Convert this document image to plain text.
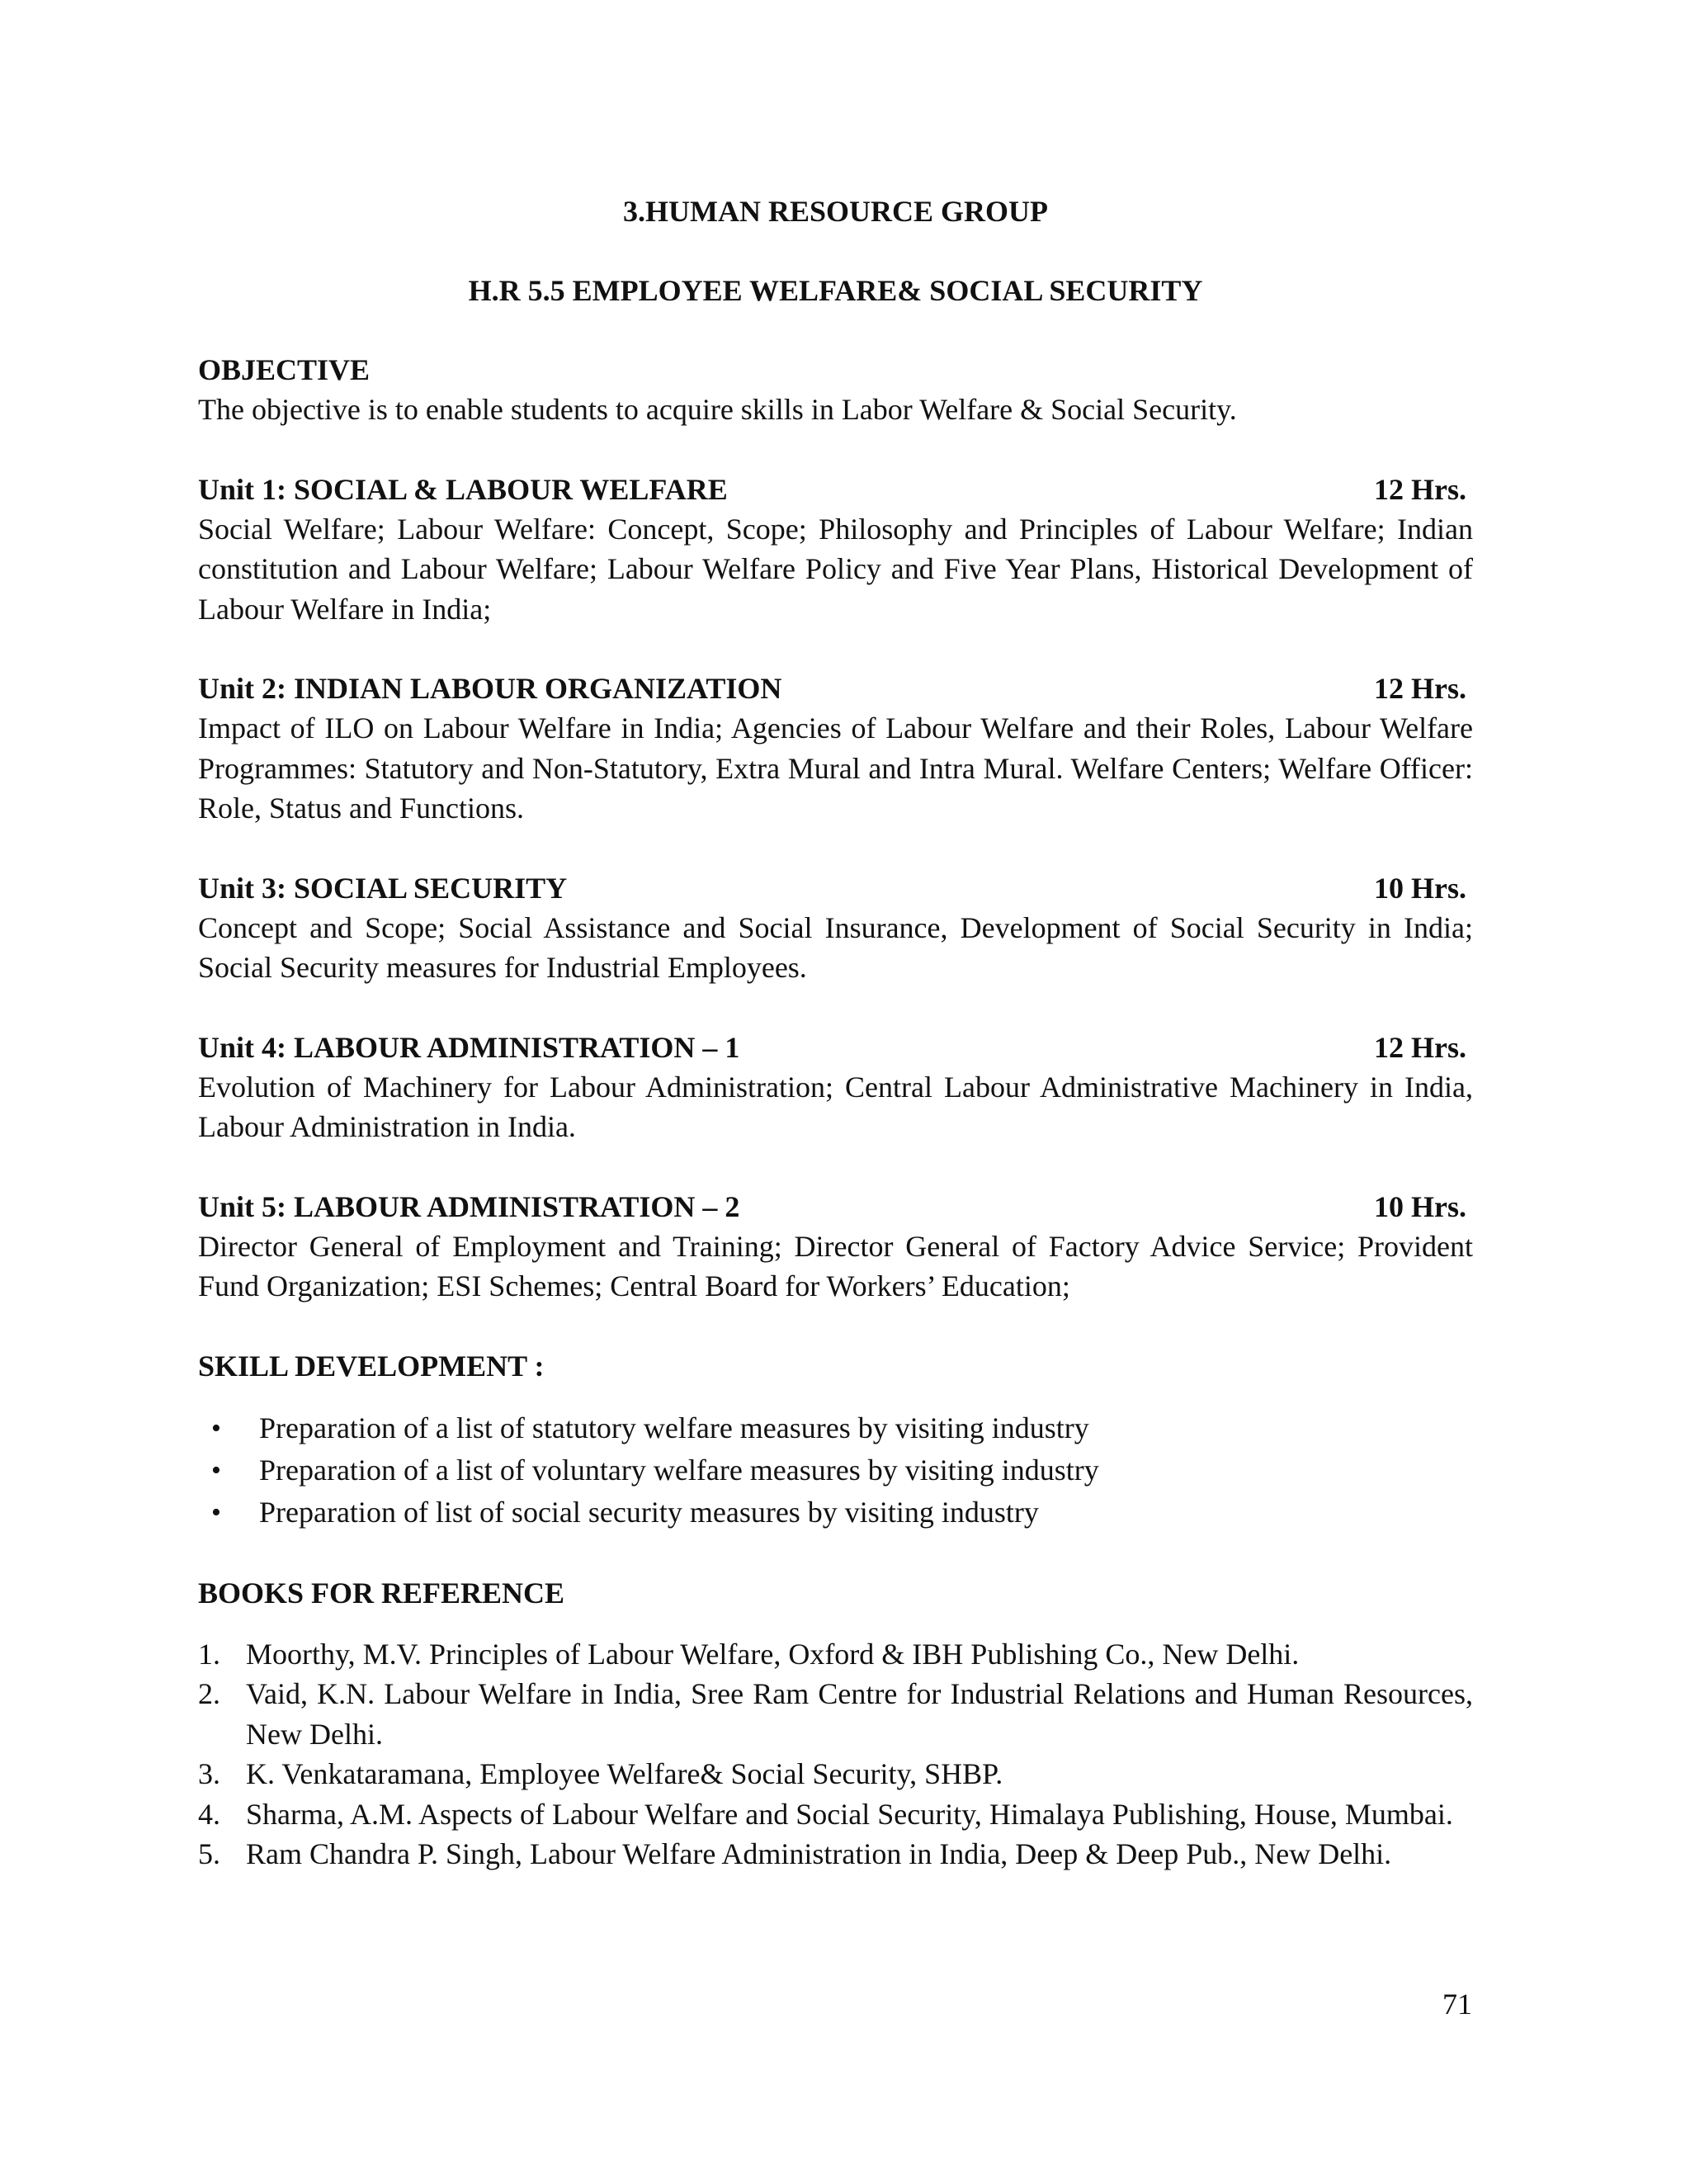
3.HUMAN RESOURCE GROUP

H.R 5.5 EMPLOYEE WELFARE& SOCIAL SECURITY

OBJECTIVE

The objective is to enable students to acquire skills in Labor Welfare & Social Security.

Unit 1: SOCIAL & LABOUR WELFARE	12 Hrs.

Social Welfare; Labour Welfare: Concept, Scope; Philosophy and Principles of Labour Welfare; Indian constitution and Labour Welfare; Labour Welfare Policy and Five Year Plans, Historical Development of Labour Welfare in India;

Unit 2: INDIAN LABOUR ORGANIZATION	12 Hrs.

Impact of ILO on Labour Welfare in India; Agencies of Labour Welfare and their Roles, Labour Welfare Programmes: Statutory and Non-Statutory, Extra Mural and Intra Mural. Welfare Centers; Welfare Officer: Role, Status and Functions.

Unit 3: SOCIAL SECURITY	10 Hrs.

Concept and Scope; Social Assistance and Social Insurance, Development of Social Security in India; Social Security measures for Industrial Employees.

Unit 4: LABOUR ADMINISTRATION – 1	12 Hrs.

Evolution of Machinery for Labour Administration; Central Labour Administrative Machinery in India, Labour Administration in India.

Unit 5: LABOUR ADMINISTRATION – 2	10 Hrs.

Director General of Employment and Training; Director General of Factory Advice Service; Provident Fund Organization; ESI Schemes; Central Board for Workers’ Education;

SKILL DEVELOPMENT :

• Preparation of a list of statutory welfare measures by visiting industry
• Preparation of a list of voluntary welfare measures by visiting industry
• Preparation of list of social security measures by visiting industry

BOOKS FOR REFERENCE

1. Moorthy, M.V. Principles of Labour Welfare, Oxford & IBH Publishing Co., New Delhi.
2. Vaid, K.N. Labour Welfare in India, Sree Ram Centre for Industrial Relations and Human Resources, New Delhi.
3. K. Venkataramana, Employee Welfare& Social Security, SHBP.
4. Sharma, A.M. Aspects of Labour Welfare and Social Security, Himalaya Publishing, House, Mumbai.
5. Ram Chandra P. Singh, Labour Welfare Administration in India, Deep & Deep Pub., New Delhi.
71
